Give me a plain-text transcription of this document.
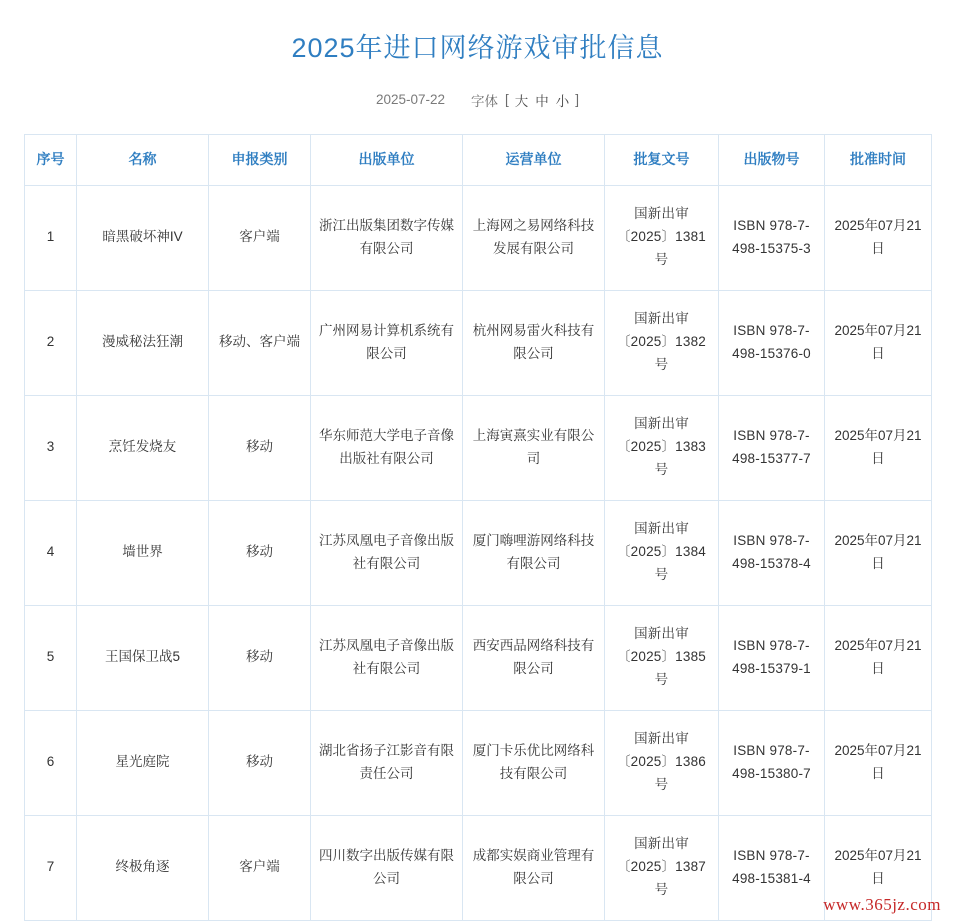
2025年进口网络游戏审批信息
2025-07-22 字体 [ 大 中 小 ]
序号	名称	申报类别	出版单位	运营单位	批复文号	出版物号	批准时间
1	暗黑破坏神IV	客户端	浙江出版集团数字传媒有限公司	上海网之易网络科技发展有限公司	国新出审〔2025〕1381号	ISBN 978-7-498-15375-3	2025年07月21日
2	漫威秘法狂潮	移动、客户端	广州网易计算机系统有限公司	杭州网易雷火科技有限公司	国新出审〔2025〕1382号	ISBN 978-7-498-15376-0	2025年07月21日
3	烹饪发烧友	移动	华东师范大学电子音像出版社有限公司	上海寅熹实业有限公司	国新出审〔2025〕1383号	ISBN 978-7-498-15377-7	2025年07月21日
4	墙世界	移动	江苏凤凰电子音像出版社有限公司	厦门嗨哩游网络科技有限公司	国新出审〔2025〕1384号	ISBN 978-7-498-15378-4	2025年07月21日
5	王国保卫战5	移动	江苏凤凰电子音像出版社有限公司	西安西品网络科技有限公司	国新出审〔2025〕1385号	ISBN 978-7-498-15379-1	2025年07月21日
6	星光庭院	移动	湖北省扬子江影音有限责任公司	厦门卡乐优比网络科技有限公司	国新出审〔2025〕1386号	ISBN 978-7-498-15380-7	2025年07月21日
7	终极角逐	客户端	四川数字出版传媒有限公司	成都实娱商业管理有限公司	国新出审〔2025〕1387号	ISBN 978-7-498-15381-4	2025年07月21日
www.365jz.com
